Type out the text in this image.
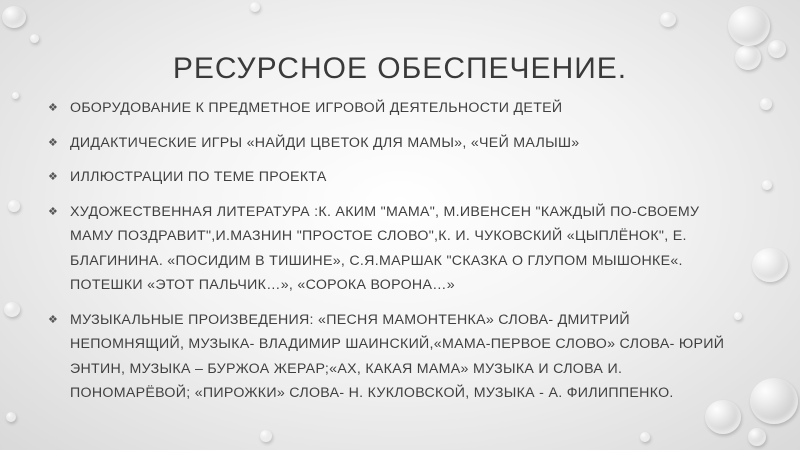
РЕСУРСНОЕ ОБЕСПЕЧЕНИЕ.
❖ ОБОРУДОВАНИЕ К ПРЕДМЕТНОЕ ИГРОВОЙ ДЕЯТЕЛЬНОСТИ ДЕТЕЙ
❖ ДИДАКТИЧЕСКИЕ ИГРЫ «НАЙДИ ЦВЕТОК ДЛЯ МАМЫ», «ЧЕЙ МАЛЫШ»
❖ ИЛЛЮСТРАЦИИ ПО ТЕМЕ ПРОЕКТА
❖ ХУДОЖЕСТВЕННАЯ ЛИТЕРАТУРА :К. АКИМ "МАМА", М.ИВЕНСЕН "КАЖДЫЙ ПО-СВОЕМУ МАМУ ПОЗДРАВИТ",И.МАЗНИН "ПРОСТОЕ СЛОВО",К. И. ЧУКОВСКИЙ «ЦЫПЛЁНОК", Е. БЛАГИНИНА. «ПОСИДИМ В ТИШИНЕ», С.Я.МАРШАК "СКАЗКА О ГЛУПОМ МЫШОНКЕ«. ПОТЕШКИ «ЭТОТ ПАЛЬЧИК…», «СОРОКА ВОРОНА…»
❖ МУЗЫКАЛЬНЫЕ ПРОИЗВЕДЕНИЯ: «ПЕСНЯ МАМОНТЕНКА» СЛОВА- ДМИТРИЙ НЕПОМНЯЩИЙ, МУЗЫКА- ВЛАДИМИР ШАИНСКИЙ,«МАМА-ПЕРВОЕ СЛОВО» СЛОВА- ЮРИЙ ЭНТИН, МУЗЫКА – БУРЖОА ЖЕРАР;«АХ, КАКАЯ МАМА» МУЗЫКА И СЛОВА И. ПОНОМАРЁВОЙ; «ПИРОЖКИ» СЛОВА- Н. КУКЛОВСКОЙ, МУЗЫКА - А. ФИЛИППЕНКО.
